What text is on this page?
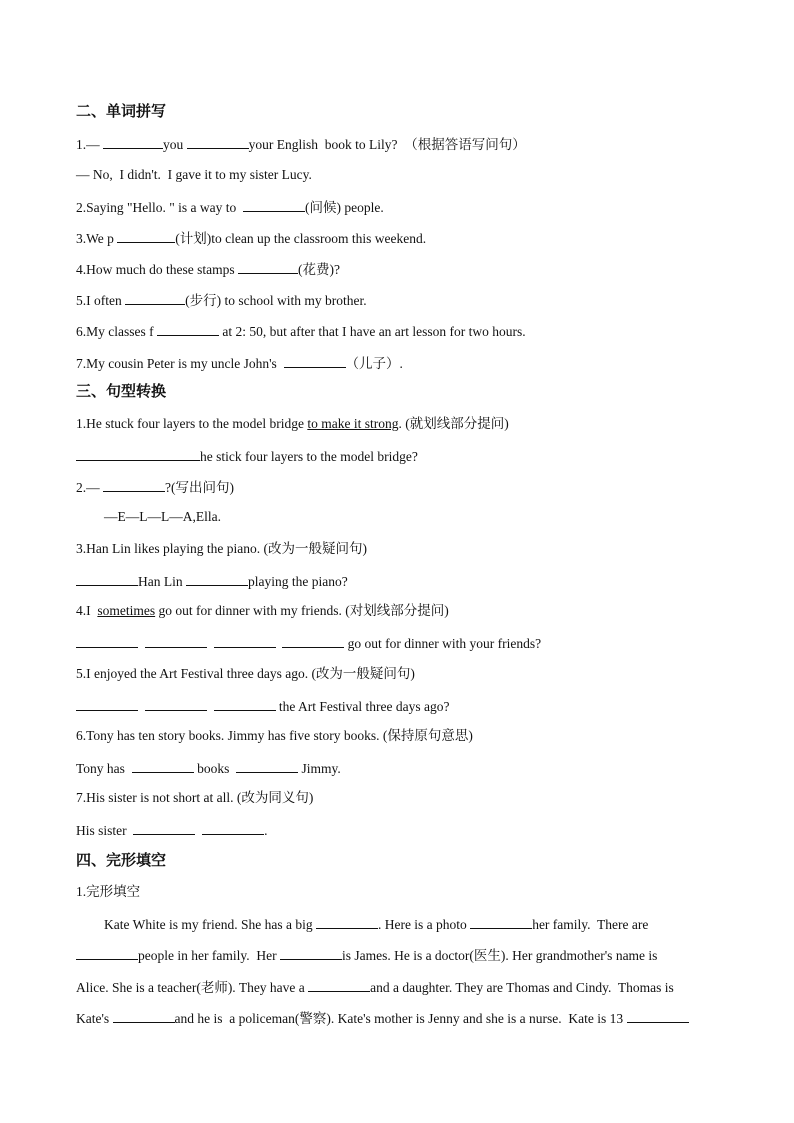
二、单词拼写
1.—	you	your English  book to Lily?  （根据答语写问句）
— No,  I didn't.  I gave it to my sister Lucy.
2.Saying "Hello. " is a way to	(问候) people.
3.We p	(计划)to clean up the classroom this weekend.
4.How much do these stamps	(花费)?
5.I often	(步行) to school with my brother.
6.My classes f	at 2: 50, but after that I have an art lesson for two hours.
7.My cousin Peter is my uncle John's	（儿子）.
三、句型转换
1.He stuck four layers to the model bridge to make it strong. (就划线部分提问)
he stick four layers to the model bridge?
2.—	?(写出问句)
—E—L—L—A,Ella.
3.Han Lin likes playing the piano. (改为一般疑问句)
Han Lin	playing the piano?
4.I  sometimes go out for dinner with my friends. (对划线部分提问)
go out for dinner with your friends?
5.I enjoyed the Art Festival three days ago. (改为一般疑问句)
the Art Festival three days ago?
6.Tony has ten story books. Jimmy has five story books. (保持原句意思)
Tony has	books	Jimmy.
7.His sister is not short at all. (改为同义句)
His sister	.
四、完形填空
1.完形填空
Kate White is my friend. She has a big	. Here is a photo	her family.  There are
people in her family.  Her	is James. He is a doctor(医生). Her grandmother's name is
Alice. She is a teacher(老师). They have a	and a daughter. They are Thomas and Cindy.  Thomas is
Kate's	and he is  a policeman(警察). Kate's mother is Jenny and she is a nurse.  Kate is 13
